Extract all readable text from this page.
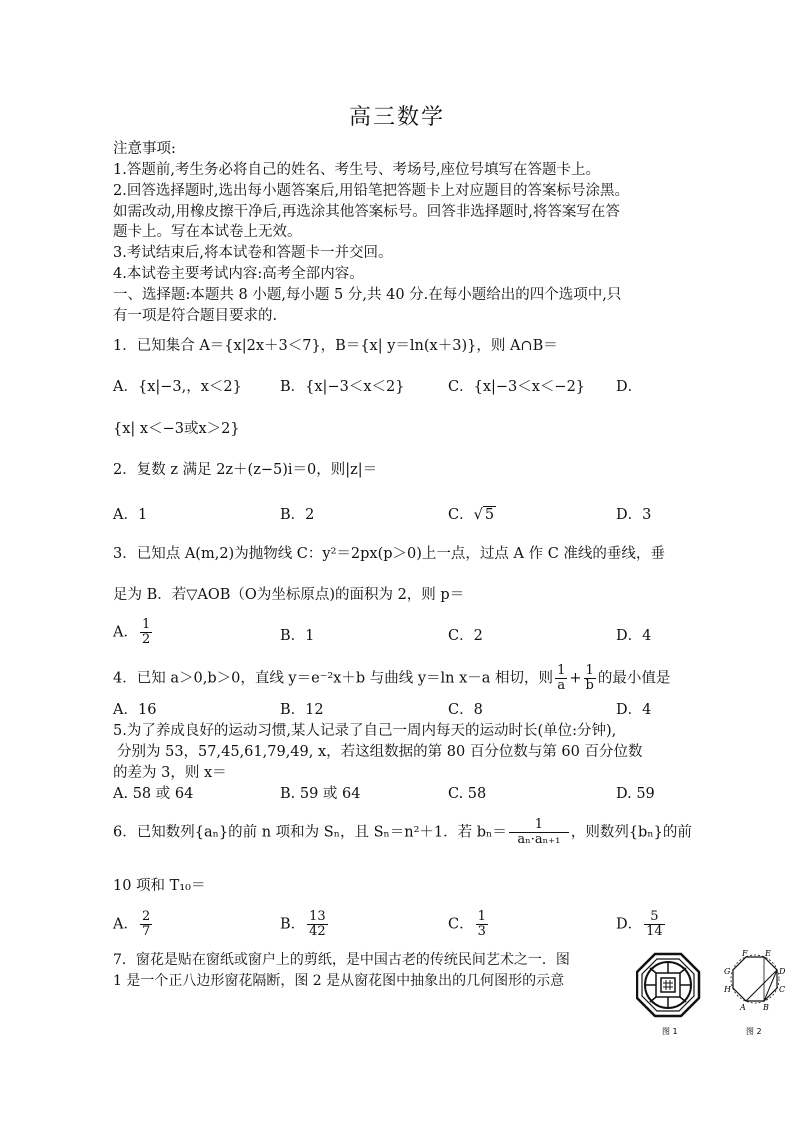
高三数学
注意事项:
1.答题前,考生务必将自己的姓名、考生号、考场号,座位号填写在答题卡上。
2.回答选择题时,选出每小题答案后,用铅笔把答题卡上对应题目的答案标号涂黑。
如需改动,用橡皮擦干净后,再选涂其他答案标号。回答非选择题时,将答案写在答
题卡上。写在本试卷上无效。
3.考试结束后,将本试卷和答题卡一并交回。
4.本试卷主要考试内容:高考全部内容。
一、选择题:本题共 8 小题,每小题 5 分,共 40 分.在每小题给出的四个选项中,只
有一项是符合题目要求的.
1．已知集合 A＝{x|2x＋3＜7}，B＝{x| y＝ln(x＋3)}，则 A∩B＝
A．{x|−3,，x＜2}	B．{x|−3＜x＜2}	C．{x|−3＜x＜−2} D．
{x| x＜−3或x＞2}
2．复数 z 满足 2z＋(z−5)i＝0，则|z|＝
A．1	B．2	C．√ 5	D．3
3．已知点 A(m,2)为抛物线 C：y²＝2px(p＞0)上一点，过点 A 作 C 准线的垂线，垂
足为 B．若▽AOB（O为坐标原点)的面积为 2，则 p＝
A． $\frac{1}{2}$	B．1	C．2	D．4
4．已知 a＞0,b＞0，直线 y＝e⁻²x＋b 与曲线 y＝ln x－a 相切，则 $\frac{1}{a} + \frac{1}{b}$ 的最小值是
A．16	B．12	C．8	D．4
5.为了养成良好的运动习惯,某人记录了自己一周内每天的运动时长(单位:分钟),
分别为 53，57,45,61,79,49, x，若这组数据的第 80 百分位数与第 60 百分位数
的差为 3，则 x＝
A. 58 或 64	B. 59 或 64	C. 58	D. 59
6．已知数列{aₙ}的前 n 项和为 Sₙ，且 Sₙ＝n²＋1．若 $b_n= \frac{1}{\text{aₙ·aₙ₊₁}}$ ，则数列{bₙ}的前
10 项和 T₁₀＝
A． $\frac{2}{7}$	B． $\frac{13}{42}$	C． $\frac{1}{3}$	D． $\frac{5}{14}$
7．窗花是贴在窗纸或窗户上的剪纸，是中国古老的传统民间艺术之一．图
1 是一个正八边形窗花隔断，图 2 是从窗花图中抽象出的几何图形的示意
图 1
F E
G	D
H	C
A B
图 2
